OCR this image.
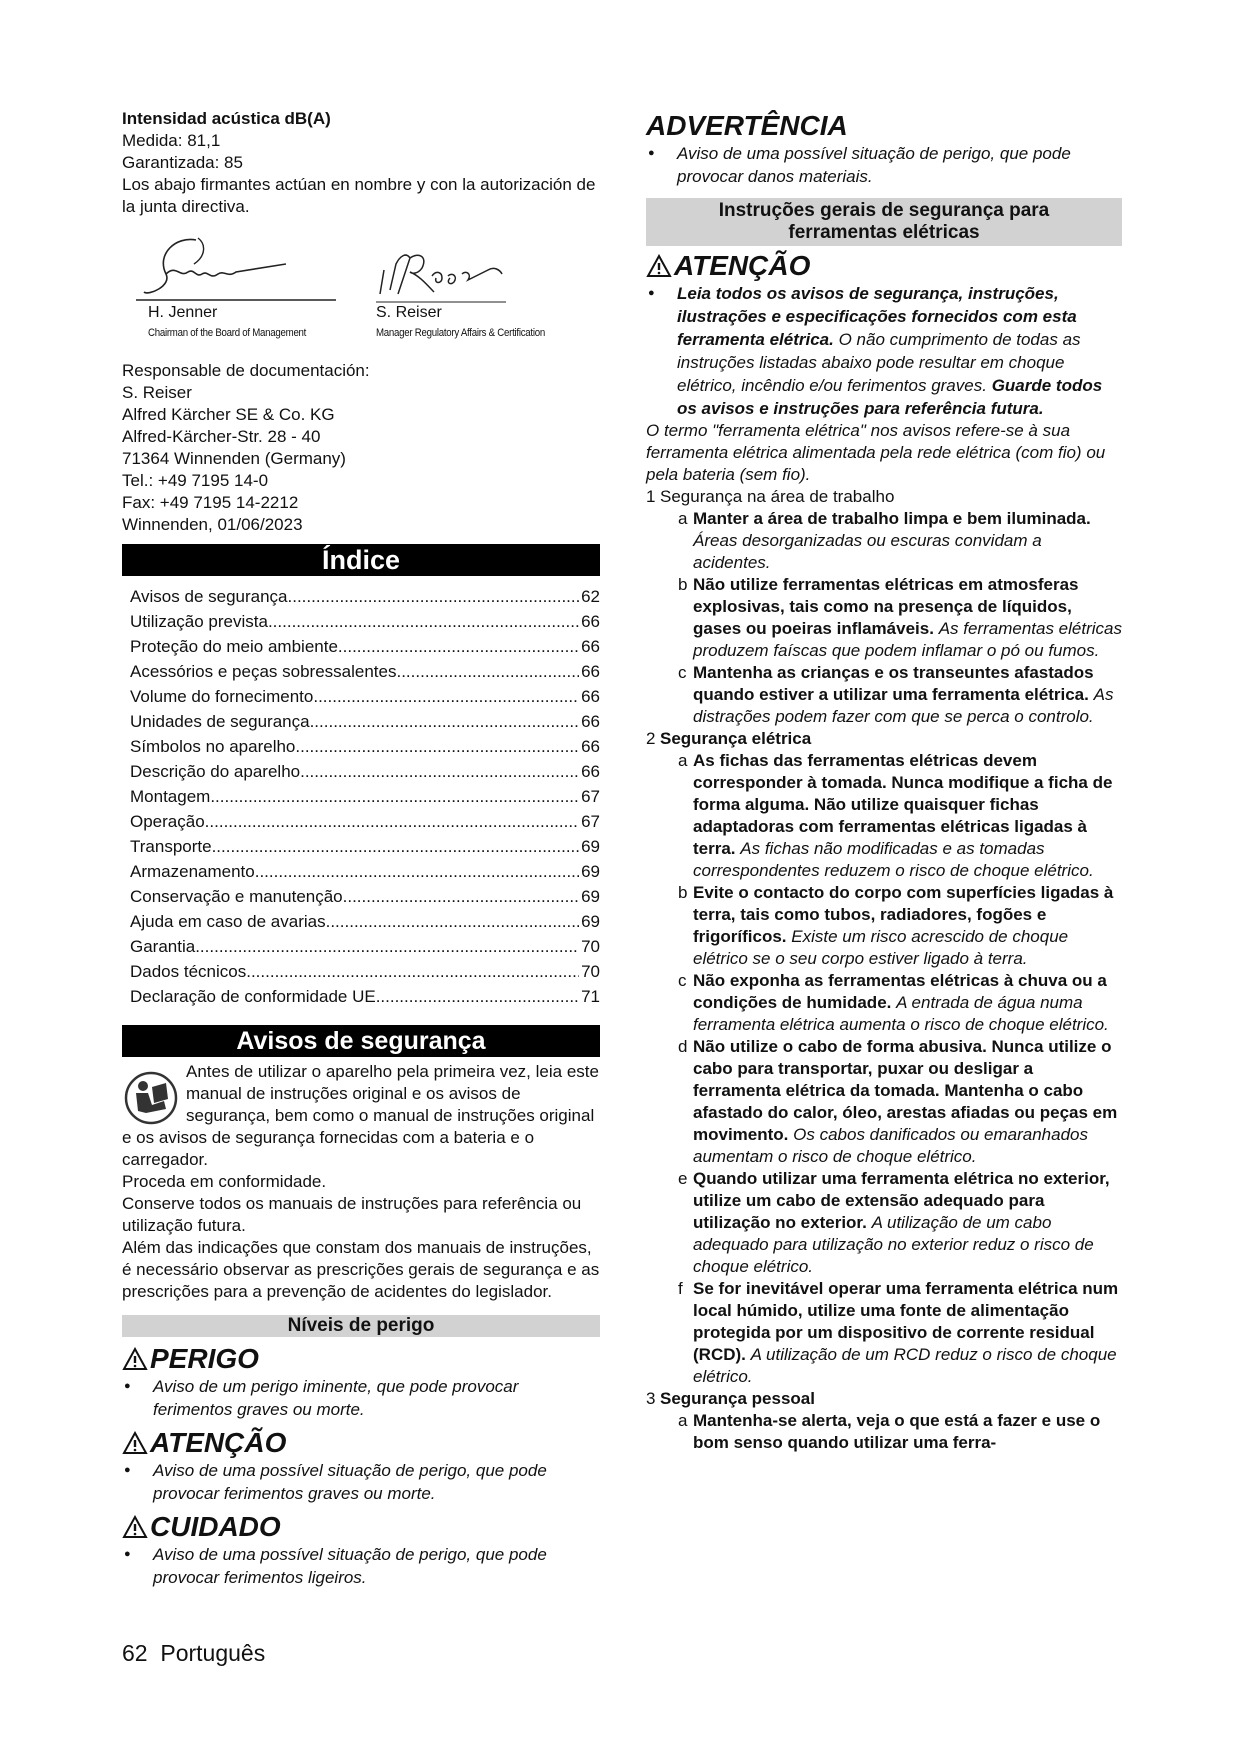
Intensidad acústica dB(A)
Medida: 81,1
Garantizada: 85
Los abajo firmantes actúan en nombre y con la autorización de la junta directiva.
H. Jenner
Chairman of the Board of Management
S. Reiser
Manager Regulatory Affairs & Certification
Responsable de documentación:
S. Reiser
Alfred Kärcher SE & Co. KG
Alfred-Kärcher-Str. 28 - 40
71364 Winnenden (Germany)
Tel.: +49 7195 14-0
Fax: +49 7195 14-2212
Winnenden, 01/06/2023
Índice
Avisos de segurança .....	62
Utilização prevista .....	66
Proteção do meio ambiente .....	66
Acessórios e peças sobressalentes .....	66
Volume do fornecimento .....	66
Unidades de segurança .....	66
Símbolos no aparelho .....	66
Descrição do aparelho .....	66
Montagem .....	67
Operação .....	67
Transporte .....	69
Armazenamento .....	69
Conservação e manutenção .....	69
Ajuda em caso de avarias .....	69
Garantia .....	70
Dados técnicos .....	70
Declaração de conformidade UE .....	71
Avisos de segurança
Antes de utilizar o aparelho pela primeira vez, leia este manual de instruções original e os avisos de segurança, bem como o manual de instruções original e os avisos de segurança fornecidas com a bateria e o carregador.
Proceda em conformidade.
Conserve todos os manuais de instruções para referência ou utilização futura.
Além das indicações que constam dos manuais de instruções, é necessário observar as prescrições gerais de segurança e as prescrições para a prevenção de acidentes do legislador.
Níveis de perigo
PERIGO
● Aviso de um perigo iminente, que pode provocar ferimentos graves ou morte.
ATENÇÃO
● Aviso de uma possível situação de perigo, que pode provocar ferimentos graves ou morte.
CUIDADO
● Aviso de uma possível situação de perigo, que pode provocar ferimentos ligeiros.
ADVERTÊNCIA
● Aviso de uma possível situação de perigo, que pode provocar danos materiais.
Instruções gerais de segurança para
ferramentas elétricas
ATENÇÃO
● Leia todos os avisos de segurança, instruções, ilustrações e especificações fornecidos com esta ferramenta elétrica. O não cumprimento de todas as instruções listadas abaixo pode resultar em choque elétrico, incêndio e/ou ferimentos graves. Guarde todos os avisos e instruções para referência futura.
O termo "ferramenta elétrica" nos avisos refere-se à sua ferramenta elétrica alimentada pela rede elétrica (com fio) ou pela bateria (sem fio).
1 Segurança na área de trabalho
a Manter a área de trabalho limpa e bem iluminada. Áreas desorganizadas ou escuras convidam a acidentes.
b Não utilize ferramentas elétricas em atmosferas explosivas, tais como na presença de líquidos, gases ou poeiras inflamáveis. As ferramentas elétricas produzem faíscas que podem inflamar o pó ou fumos.
c Mantenha as crianças e os transeuntes afastados quando estiver a utilizar uma ferramenta elétrica. As distrações podem fazer com que se perca o controlo.
2 Segurança elétrica
a As fichas das ferramentas elétricas devem corresponder à tomada. Nunca modifique a ficha de forma alguma. Não utilize quaisquer fichas adaptadoras com ferramentas elétricas ligadas à terra. As fichas não modificadas e as tomadas correspondentes reduzem o risco de choque elétrico.
b Evite o contacto do corpo com superfícies ligadas à terra, tais como tubos, radiadores, fogões e frigoríficos. Existe um risco acrescido de choque elétrico se o seu corpo estiver ligado à terra.
c Não exponha as ferramentas elétricas à chuva ou a condições de humidade. A entrada de água numa ferramenta elétrica aumenta o risco de choque elétrico.
d Não utilize o cabo de forma abusiva. Nunca utilize o cabo para transportar, puxar ou desligar a ferramenta elétrica da tomada. Mantenha o cabo afastado do calor, óleo, arestas afiadas ou peças em movimento. Os cabos danificados ou emaranhados aumentam o risco de choque elétrico.
e Quando utilizar uma ferramenta elétrica no exterior, utilize um cabo de extensão adequado para utilização no exterior. A utilização de um cabo adequado para utilização no exterior reduz o risco de choque elétrico.
f Se for inevitável operar uma ferramenta elétrica num local húmido, utilize uma fonte de alimentação protegida por um dispositivo de corrente residual (RCD). A utilização de um RCD reduz o risco de choque elétrico.
3 Segurança pessoal
a Mantenha-se alerta, veja o que está a fazer e use o bom senso quando utilizar uma ferra-
62 Português
